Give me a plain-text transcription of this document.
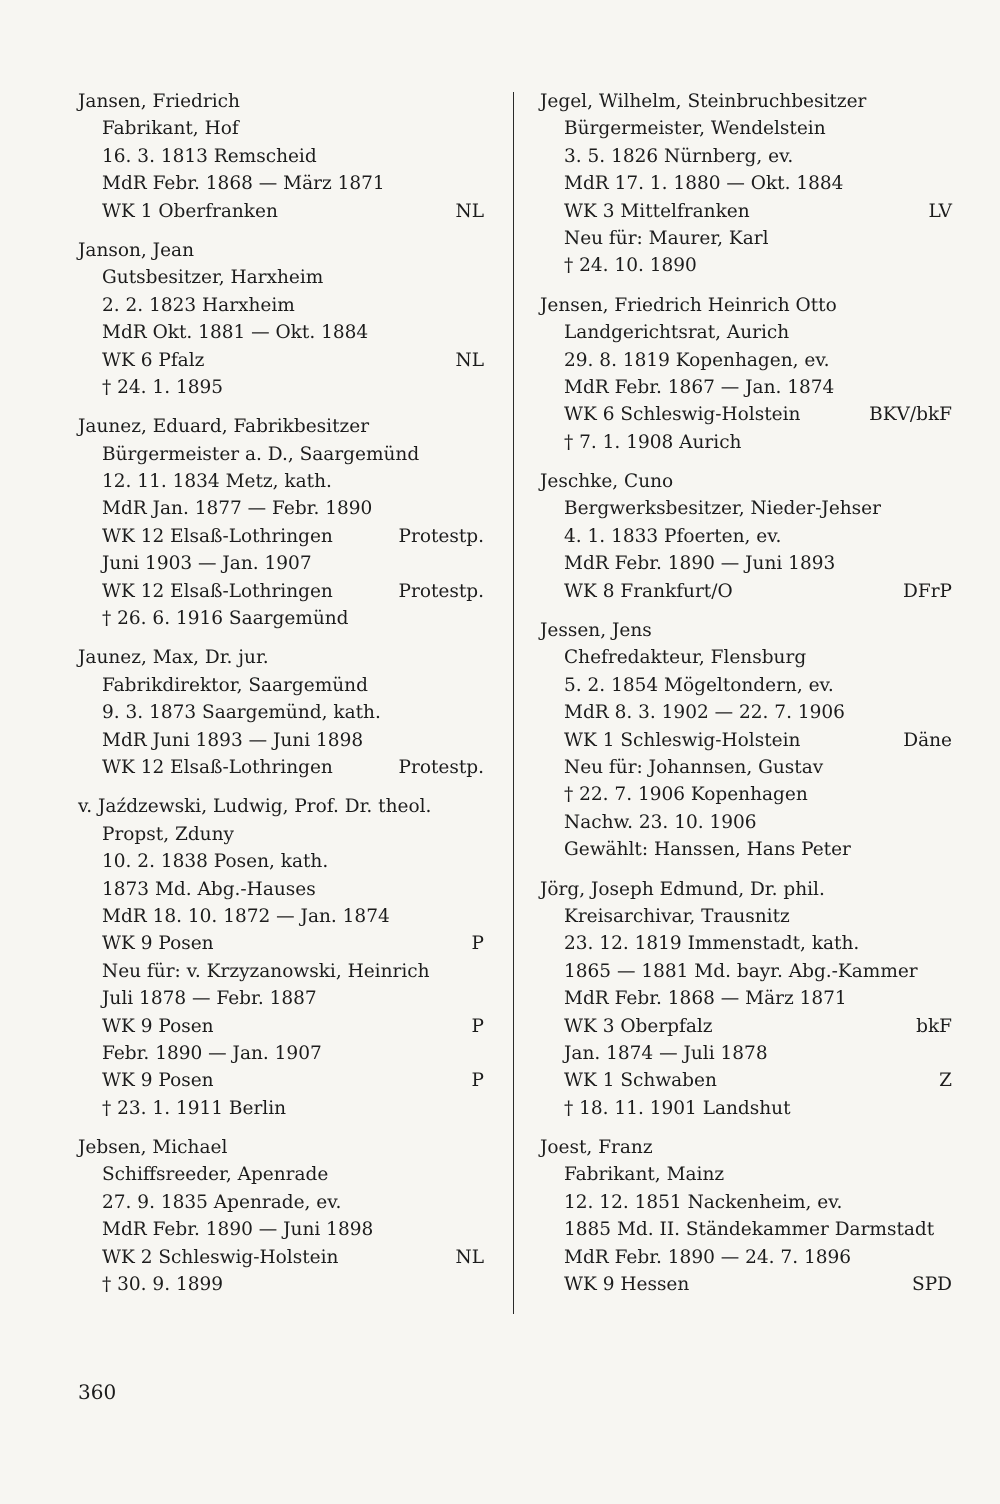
Jansen, Friedrich
Fabrikant, Hof
16. 3. 1813 Remscheid
MdR Febr. 1868 — März 1871
WK 1 Oberfranken	NL
Janson, Jean
Gutsbesitzer, Harxheim
2. 2. 1823 Harxheim
MdR Okt. 1881 — Okt. 1884
WK 6 Pfalz	NL
† 24. 1. 1895
Jaunez, Eduard, Fabrikbesitzer
Bürgermeister a. D., Saargemünd
12. 11. 1834 Metz, kath.
MdR Jan. 1877 — Febr. 1890
WK 12 Elsaß-Lothringen	Protestp.
Juni 1903 — Jan. 1907
WK 12 Elsaß-Lothringen	Protestp.
† 26. 6. 1916 Saargemünd
Jaunez, Max, Dr. jur.
Fabrikdirektor, Saargemünd
9. 3. 1873 Saargemünd, kath.
MdR Juni 1893 — Juni 1898
WK 12 Elsaß-Lothringen	Protestp.
v. Jaźdzewski, Ludwig, Prof. Dr. theol.
Propst, Zduny
10. 2. 1838 Posen, kath.
1873 Md. Abg.-Hauses
MdR 18. 10. 1872 — Jan. 1874
WK 9 Posen	P
Neu für: v. Krzyzanowski, Heinrich
Juli 1878 — Febr. 1887
WK 9 Posen	P
Febr. 1890 — Jan. 1907
WK 9 Posen	P
† 23. 1. 1911 Berlin
Jebsen, Michael
Schiffsreeder, Apenrade
27. 9. 1835 Apenrade, ev.
MdR Febr. 1890 — Juni 1898
WK 2 Schleswig-Holstein	NL
† 30. 9. 1899
Jegel, Wilhelm, Steinbruchbesitzer
Bürgermeister, Wendelstein
3. 5. 1826 Nürnberg, ev.
MdR 17. 1. 1880 — Okt. 1884
WK 3 Mittelfranken	LV
Neu für: Maurer, Karl
† 24. 10. 1890
Jensen, Friedrich Heinrich Otto
Landgerichtsrat, Aurich
29. 8. 1819 Kopenhagen, ev.
MdR Febr. 1867 — Jan. 1874
WK 6 Schleswig-Holstein	BKV/bkF
† 7. 1. 1908 Aurich
Jeschke, Cuno
Bergwerksbesitzer, Nieder-Jehser
4. 1. 1833 Pfoerten, ev.
MdR Febr. 1890 — Juni 1893
WK 8 Frankfurt/O	DFrP
Jessen, Jens
Chefredakteur, Flensburg
5. 2. 1854 Mögeltondern, ev.
MdR 8. 3. 1902 — 22. 7. 1906
WK 1 Schleswig-Holstein	Däne
Neu für: Johannsen, Gustav
† 22. 7. 1906 Kopenhagen
Nachw. 23. 10. 1906
Gewählt: Hanssen, Hans Peter
Jörg, Joseph Edmund, Dr. phil.
Kreisarchivar, Trausnitz
23. 12. 1819 Immenstadt, kath.
1865 — 1881 Md. bayr. Abg.-Kammer
MdR Febr. 1868 — März 1871
WK 3 Oberpfalz	bkF
Jan. 1874 — Juli 1878
WK 1 Schwaben	Z
† 18. 11. 1901 Landshut
Joest, Franz
Fabrikant, Mainz
12. 12. 1851 Nackenheim, ev.
1885 Md. II. Ständekammer Darmstadt
MdR Febr. 1890 — 24. 7. 1896
WK 9 Hessen	SPD
360
